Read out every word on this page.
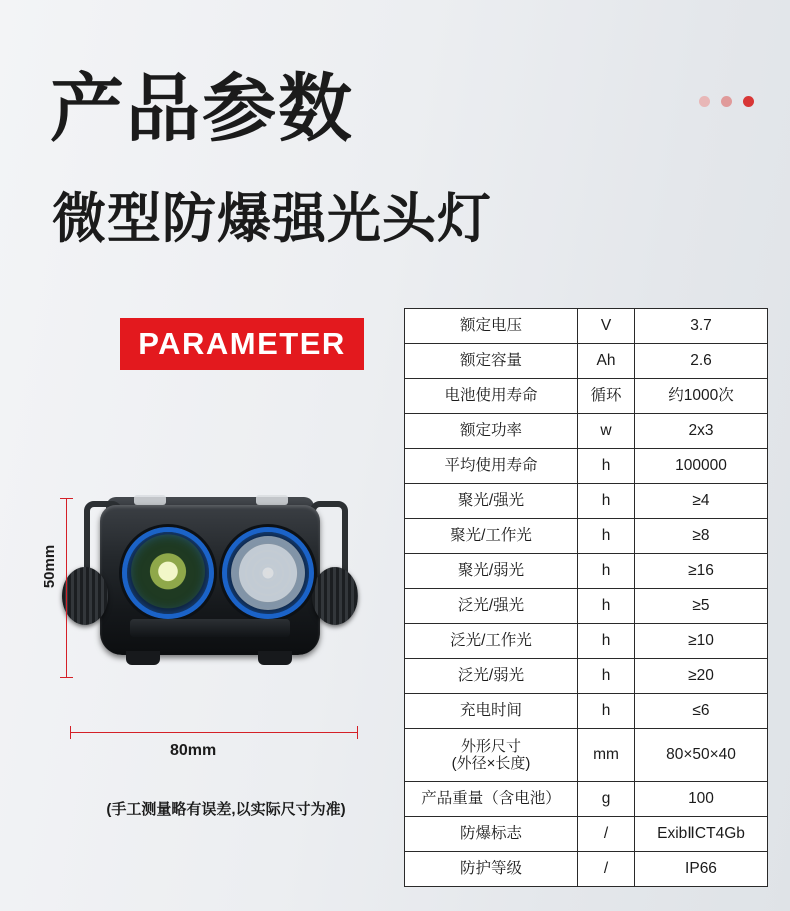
产品参数
微型防爆强光头灯
PARAMETER
50mm
80mm
(手工测量略有误差,以实际尺寸为准)
额定电压	V	3.7
额定容量	Ah	2.6
电池使用寿命	循环	约1000次
额定功率	w	2x3
平均使用寿命	h	100000
聚光/强光	h	≥4
聚光/工作光	h	≥8
聚光/弱光	h	≥16
泛光/强光	h	≥5
泛光/工作光	h	≥10
泛光/弱光	h	≥20
充电时间	h	≤6

外形尺寸
(外径×长度)	mm	80×50×40
产品重量（含电池）	g	100
防爆标志	/	ExibⅡCT4Gb
防护等级	/	IP66
